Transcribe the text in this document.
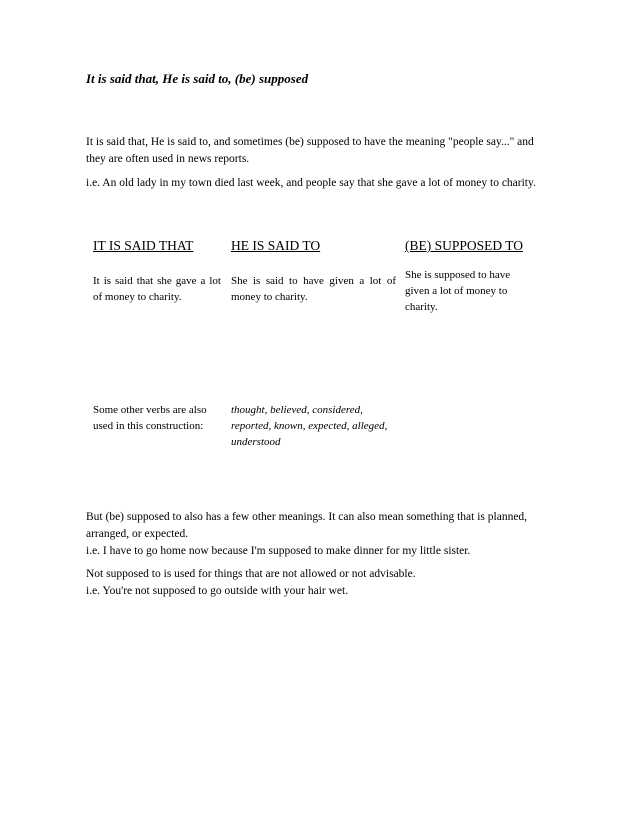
It is said that, He is said to, (be) supposed

It is said that, He is said to, and sometimes (be) supposed to have the meaning "people say..." and they are often used in news reports.

i.e. An old lady in my town died last week, and people say that she gave a lot of money to charity.

IT IS SAID THAT	HE IS SAID TO	(BE) SUPPOSED TO

It is said that she gave a lot of money to charity.

She is said to have given a lot of money to charity.

She is supposed to have given a lot of money to charity.

Some other verbs are also used in this construction:

thought, believed, considered, reported, known, expected, alleged, understood

But (be) supposed to also has a few other meanings. It can also mean something that is planned, arranged, or expected.
i.e. I have to go home now because I'm supposed to make dinner for my little sister.
Not supposed to is used for things that are not allowed or not advisable.
i.e. You're not supposed to go outside with your hair wet.
